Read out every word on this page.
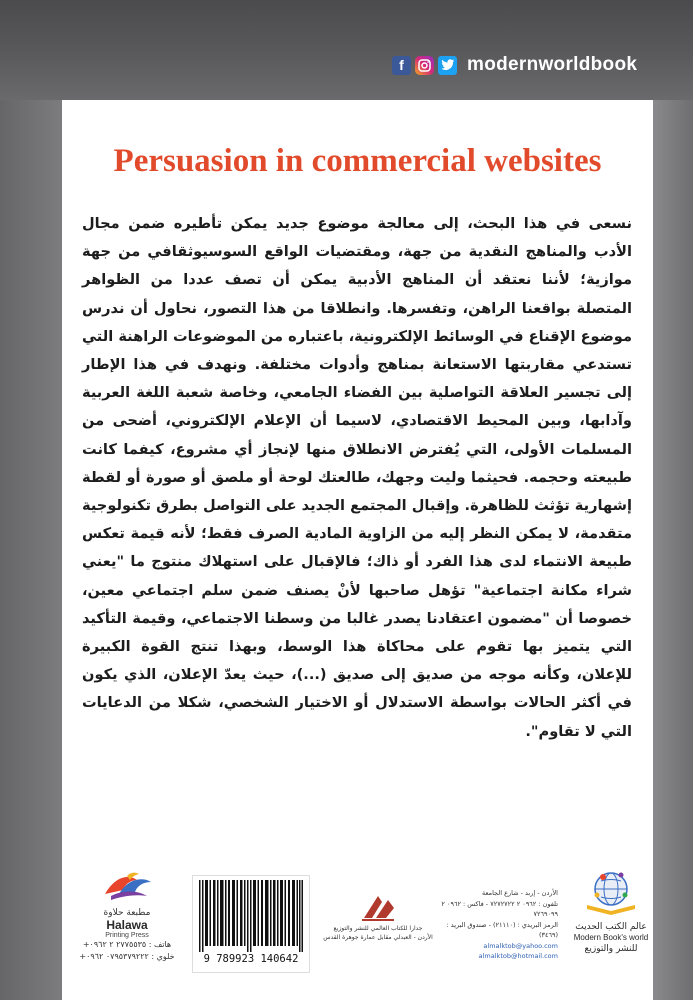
f	modernworldbook
Persuasion in commercial websites

نسعى في هذا البحث، إلى معالجة موضوع جديد يمكن تأطيره ضمن مجال الأدب والمناهج النقدية من جهة، ومقتضيات الواقع السوسيوثقافي من جهة موازية؛ لأننا نعتقد أن المناهج الأدبية يمكن أن تصف عددا من الظواهر المتصلة بواقعنا الراهن، وتفسرها. وانطلاقا من هذا التصور، نحاول أن ندرس موضوع الإقناع في الوسائط الإلكترونية، باعتباره من الموضوعات الراهنة التي تستدعي مقاربتها الاستعانة بمناهج وأدوات مختلفة. ونهدف في هذا الإطار إلى تجسير العلاقة التواصلية بين الفضاء الجامعي، وخاصة شعبة اللغة العربية وآدابها، وبين المحيط الاقتصادي، لاسيما أن الإعلام الإلكتروني، أضحى من المسلمات الأولى، التي يُفترض الانطلاق منها لإنجاز أي مشروع، كيفما كانت طبيعته وحجمه. فحيثما وليت وجهك، طالعتك لوحة أو ملصق أو صورة أو لقطة إشهارية تؤثث للظاهرة. وإقبال المجتمع الجديد على التواصل بطرق تكنولوجية متقدمة، لا يمكن النظر إليه من الزاوية المادية الصرف فقط؛ لأنه قيمة تعكس طبيعة الانتماء لدى هذا الفرد أو ذاك؛ فالإقبال على استهلاك منتوج ما "يعني شراء مكانة اجتماعية" تؤهل صاحبها لأنْ يصنف ضمن سلم اجتماعي معين، خصوصا أن "مضمون اعتقادنا يصدر غالبا من وسطنا الاجتماعي، وقيمة التأكيد التي يتميز بها تقوم على محاكاة هذا الوسط، وبهذا تنتج القوة الكبيرة للإعلان، وكأنه موجه من صديق إلى صديق (...)، حيث يعدّ الإعلان، الذي يكون في أكثر الحالات بواسطة الاستدلال أو الاختيار الشخصي، شكلا من الدعايات التي لا تقاوم".

مطبعة حلاوة
Halawa
Printing Press
هاتف : ٢٧٧٥٥٣٥ ٢ ٠٩٦٢+
خلوي : ٠٧٩٥٣٧٩٢٢٢ ٠٩٦٢+	9 789923 140642
جدارا للكتاب العالمي للنشر والتوزيع
الأردن - العبدلي مقابل عمارة جوهرة القدس
الأردن - إربد - شارع الجامعة
تلفون : ٠٩٦٢ ٢ ٧٢٧٢٧٢٢ - فاكس : ٠٩٦٢ ٢ ٧٢٦٩٠٩٩
الرمز البريدي : (٢١١١٠) - صندوق البريد : (٣٤٦٩)
almalktob@yahoo.com
almalktob@hotmail.com
عالم الكتب الحديث
Modern Book's world
للنشر والتوزيع
